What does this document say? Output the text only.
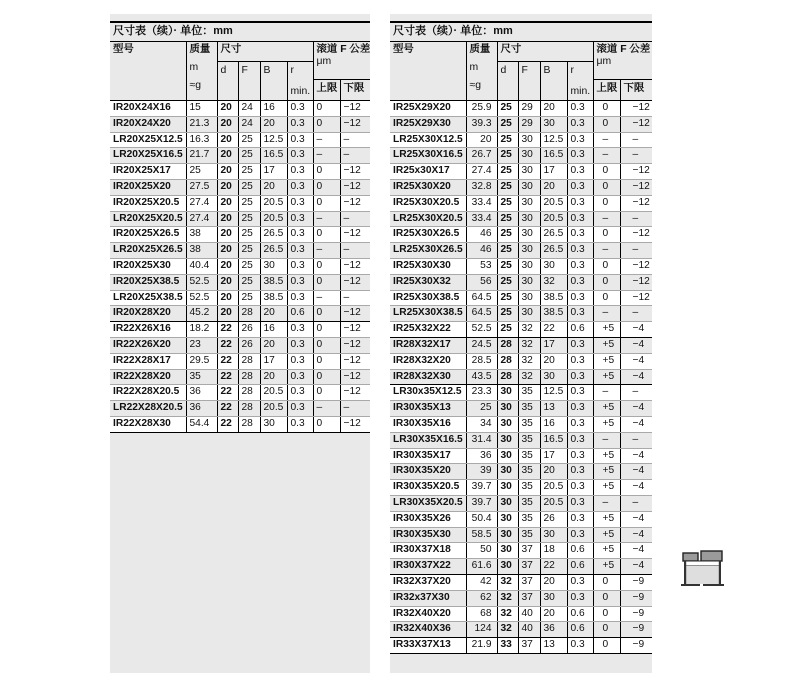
尺寸表（续）· 单位：mm
型号	质量
m
≈g
	尺寸	滚道 F 公差
μm

		d	F	B	r
min.		

						上限	下限
IR20X24X16	15	20	24	16	0.3	0	−12
IR20X24X20	21.3	20	24	20	0.3	0	−12
LR20X25X12.5	16.3	20	25	12.5	0.3	–	–
LR20X25X16.5	21.7	20	25	16.5	0.3	–	–
IR20X25X17	25	20	25	17	0.3	0	−12
IR20X25X20	27.5	20	25	20	0.3	0	−12
IR20X25X20.5	27.4	20	25	20.5	0.3	0	−12
LR20X25X20.5	27.4	20	25	20.5	0.3	–	–
IR20X25X26.5	38	20	25	26.5	0.3	0	−12
LR20X25X26.5	38	20	25	26.5	0.3	–	–
IR20X25X30	40.4	20	25	30	0.3	0	−12
IR20X25X38.5	52.5	20	25	38.5	0.3	0	−12
LR20X25X38.5	52.5	20	25	38.5	0.3	–	–
IR20X28X20	45.2	20	28	20	0.6	0	−12
IR22X26X16	18.2	22	26	16	0.3	0	−12
IR22X26X20	23	22	26	20	0.3	0	−12
IR22X28X17	29.5	22	28	17	0.3	0	−12
IR22X28X20	35	22	28	20	0.3	0	−12
IR22X28X20.5	36	22	28	20.5	0.3	0	−12
LR22X28X20.5	36	22	28	20.5	0.3	–	–
IR22X28X30	54.4	22	28	30	0.3	0	−12
尺寸表（续）· 单位：mm
型号	质量
m
≈g
	尺寸	滚道 F 公差
μm

		d	F	B	r
min.		

						上限	下限
IR25X29X20	25.9	25	29	20	0.3	0	−12
IR25X29X30	39.3	25	29	30	0.3	0	−12
LR25X30X12.5	20	25	30	12.5	0.3	–	–
LR25X30X16.5	26.7	25	30	16.5	0.3	–	–
IR25x30X17	27.4	25	30	17	0.3	0	−12
IR25X30X20	32.8	25	30	20	0.3	0	−12
IR25X30X20.5	33.4	25	30	20.5	0.3	0	−12
LR25X30X20.5	33.4	25	30	20.5	0.3	–	–
IR25X30X26.5	46	25	30	26.5	0.3	0	−12
LR25X30X26.5	46	25	30	26.5	0.3	–	–
IR25X30X30	53	25	30	30	0.3	0	−12
IR25X30X32	56	25	30	32	0.3	0	−12
IR25X30X38.5	64.5	25	30	38.5	0.3	0	−12
LR25X30X38.5	64.5	25	30	38.5	0.3	–	–
IR25X32X22	52.5	25	32	22	0.6	+5	−4
IR28X32X17	24.5	28	32	17	0.3	+5	−4
IR28X32X20	28.5	28	32	20	0.3	+5	−4
IR28X32X30	43.5	28	32	30	0.3	+5	−4
LR30x35X12.5	23.3	30	35	12.5	0.3	–	–
IR30X35X13	25	30	35	13	0.3	+5	−4
IR30X35X16	34	30	35	16	0.3	+5	−4
LR30X35X16.5	31.4	30	35	16.5	0.3	–	–
IR30X35X17	36	30	35	17	0.3	+5	−4
IR30X35X20	39	30	35	20	0.3	+5	−4
IR30X35X20.5	39.7	30	35	20.5	0.3	+5	−4
LR30X35X20.5	39.7	30	35	20.5	0.3	–	–
IR30X35X26	50.4	30	35	26	0.3	+5	−4
IR30X35X30	58.5	30	35	30	0.3	+5	−4
IR30X37X18	50	30	37	18	0.6	+5	−4
IR30X37X22	61.6	30	37	22	0.6	+5	−4
IR32X37X20	42	32	37	20	0.3	0	−9
IR32x37X30	62	32	37	30	0.3	0	−9
IR32X40X20	68	32	40	20	0.6	0	−9
IR32X40X36	124	32	40	36	0.6	0	−9
IR33X37X13	21.9	33	37	13	0.3	0	−9
